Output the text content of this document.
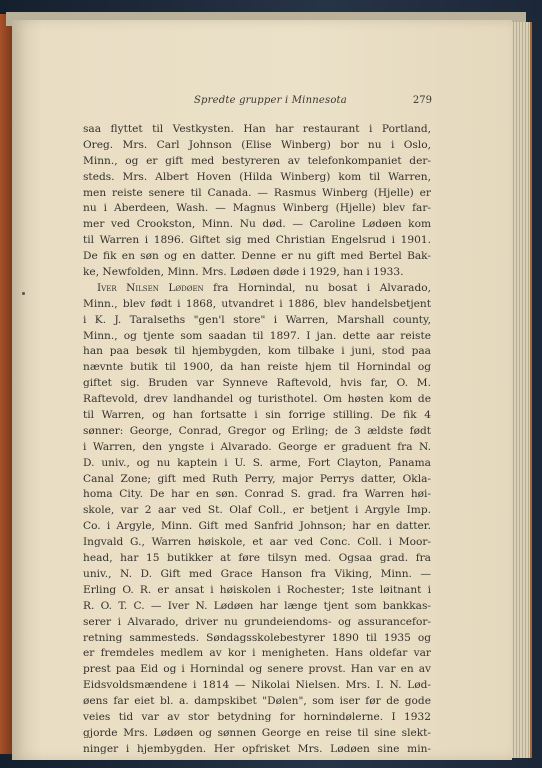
Spredte grupper i Minnesota	279
saa flyttet til Vestkysten. Han har restaurant i Portland,
Oreg. Mrs. Carl Johnson (Elise Winberg) bor nu i Oslo,
Minn., og er gift med bestyreren av telefonkompaniet der-
steds. Mrs. Albert Hoven (Hilda Winberg) kom til Warren,
men reiste senere til Canada. — Rasmus Winberg (Hjelle) er
nu i Aberdeen, Wash. — Magnus Winberg (Hjelle) blev far-
mer ved Crookston, Minn. Nu død. — Caroline Lødøen kom
til Warren i 1896. Giftet sig med Christian Engelsrud i 1901.
De fik en søn og en datter. Denne er nu gift med Bertel Bak-
ke, Newfolden, Minn. Mrs. Lødøen døde i 1929, han i 1933.
Iver Nilsen Lødøen fra Hornindal, nu bosat i Alvarado,
Minn., blev født i 1868, utvandret i 1886, blev handelsbetjent
i K. J. Taralseths "gen'l store" i Warren, Marshall county,
Minn., og tjente som saadan til 1897. I jan. dette aar reiste
han paa besøk til hjembygden, kom tilbake i juni, stod paa
nævnte butik til 1900, da han reiste hjem til Hornindal og
giftet sig. Bruden var Synneve Raftevold, hvis far, O. M.
Raftevold, drev landhandel og turisthotel. Om høsten kom de
til Warren, og han fortsatte i sin forrige stilling. De fik 4
sønner: George, Conrad, Gregor og Erling; de 3 ældste født
i Warren, den yngste i Alvarado. George er graduent fra N.
D. univ., og nu kaptein i U. S. arme, Fort Clayton, Panama
Canal Zone; gift med Ruth Perry, major Perrys datter, Okla-
homa City. De har en søn. Conrad S. grad. fra Warren høi-
skole, var 2 aar ved St. Olaf Coll., er betjent i Argyle Imp.
Co. i Argyle, Minn. Gift med Sanfrid Johnson; har en datter.
Ingvald G., Warren høiskole, et aar ved Conc. Coll. i Moor-
head, har 15 butikker at føre tilsyn med. Ogsaa grad. fra
univ., N. D. Gift med Grace Hanson fra Viking, Minn. —
Erling O. R. er ansat i høiskolen i Rochester; 1ste løitnant i
R. O. T. C. — Iver N. Lødøen har længe tjent som bankkas-
serer i Alvarado, driver nu grundeiendoms- og assurancefor-
retning sammesteds. Søndagsskolebestyrer 1890 til 1935 og
er fremdeles medlem av kor i menigheten. Hans oldefar var
prest paa Eid og i Hornindal og senere provst. Han var en av
Eidsvoldsmændene i 1814 — Nikolai Nielsen. Mrs. I. N. Lød-
øens far eiet bl. a. dampskibet "Dølen", som iser før de gode
veies tid var av stor betydning for hornindølerne. I 1932
gjorde Mrs. Lødøen og sønnen George en reise til sine slekt-
ninger i hjembygden. Her opfrisket Mrs. Lødøen sine min-
